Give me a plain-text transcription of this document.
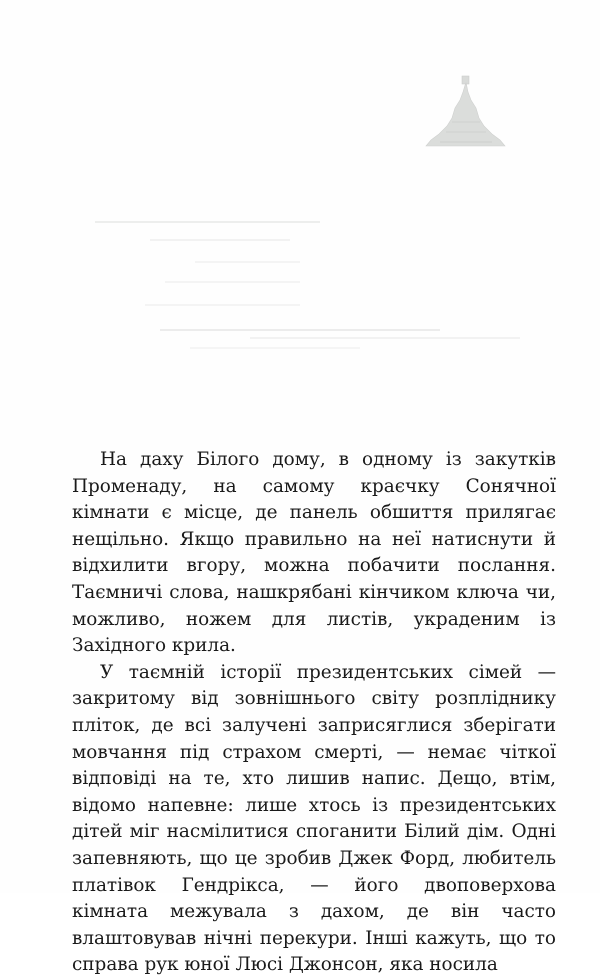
На даху Білого дому, в одному із закутків Променаду, на самому краєчку Сонячної кімнати є місце, де панель обшиття прилягає нещільно. Якщо правильно на неї натиснути й відхилити вгору, можна побачити послання. Таємничі слова, нашкрябані кінчиком ключа чи, можливо, ножем для листів, украденим із Західного крила.

У таємній історії президентських сімей — закритому від зовнішнього світу розпліднику пліток, де всі залучені заприсяглися зберігати мовчання під страхом смерті, — немає чіткої відповіді на те, хто лишив напис. Дещо, втім, відомо напевне: лише хтось із президентських дітей міг насмілитися споганити Білий дім. Одні запевняють, що це зробив Джек Форд, любитель платівок Гендрікса, — його двоповерхова кімната межувала з дахом, де він часто влаштовував нічні перекури. Інші кажуть, що то справа рук юної Люсі Джонсон, яка носила
